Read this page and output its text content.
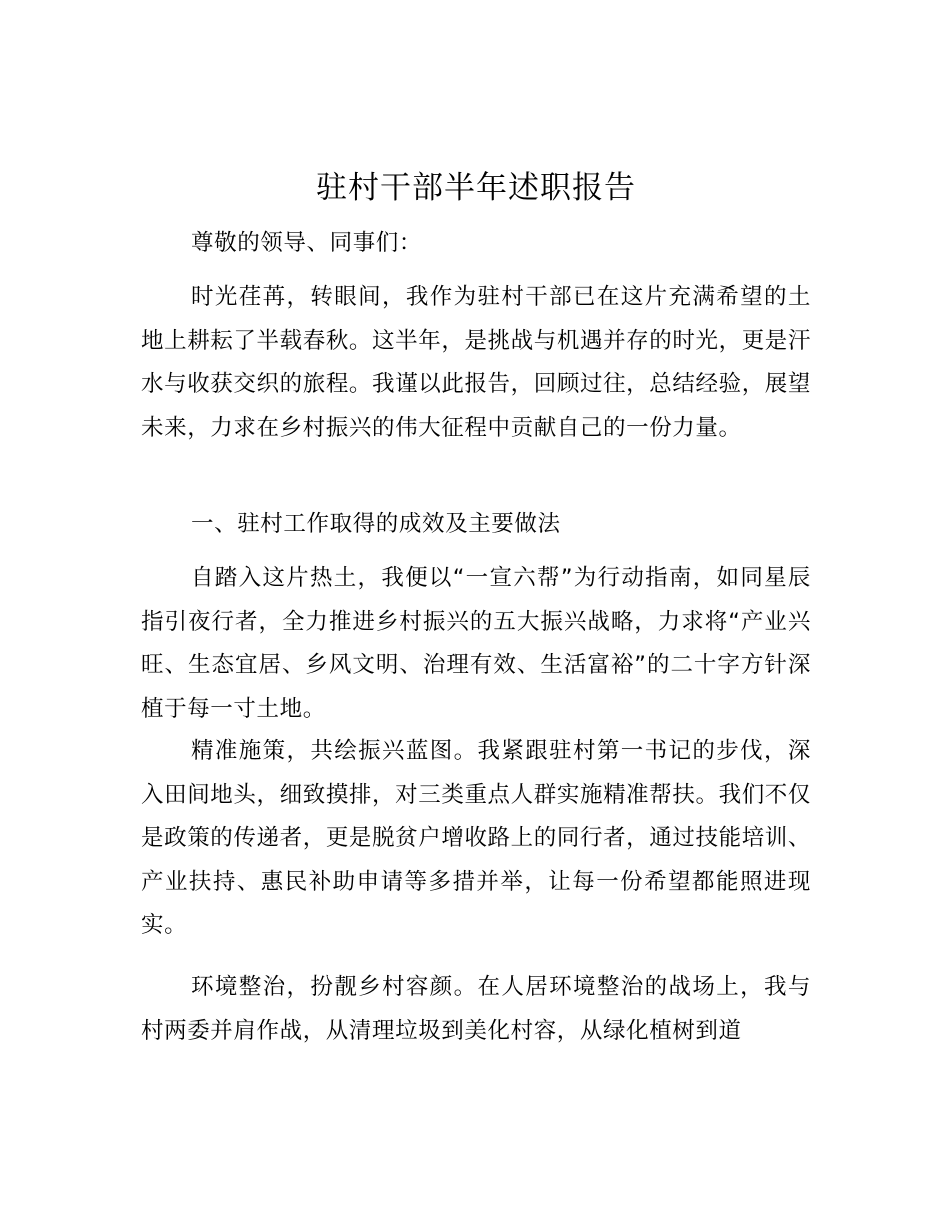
驻村干部半年述职报告

尊敬的领导、同事们：

时光荏苒，转眼间，我作为驻村干部已在这片充满希望的土地上耕耘了半载春秋。这半年，是挑战与机遇并存的时光，更是汗水与收获交织的旅程。我谨以此报告，回顾过往，总结经验，展望未来，力求在乡村振兴的伟大征程中贡献自己的一份力量。

一、驻村工作取得的成效及主要做法

自踏入这片热土，我便以“一宣六帮”为行动指南，如同星辰指引夜行者，全力推进乡村振兴的五大振兴战略，力求将“产业兴旺、生态宜居、乡风文明、治理有效、生活富裕”的二十字方针深植于每一寸土地。

精准施策，共绘振兴蓝图。我紧跟驻村第一书记的步伐，深入田间地头，细致摸排，对三类重点人群实施精准帮扶。我们不仅是政策的传递者，更是脱贫户增收路上的同行者，通过技能培训、产业扶持、惠民补助申请等多措并举，让每一份希望都能照进现实。

环境整治，扮靓乡村容颜。在人居环境整治的战场上，我与村两委并肩作战，从清理垃圾到美化村容，从绿化植树到道
